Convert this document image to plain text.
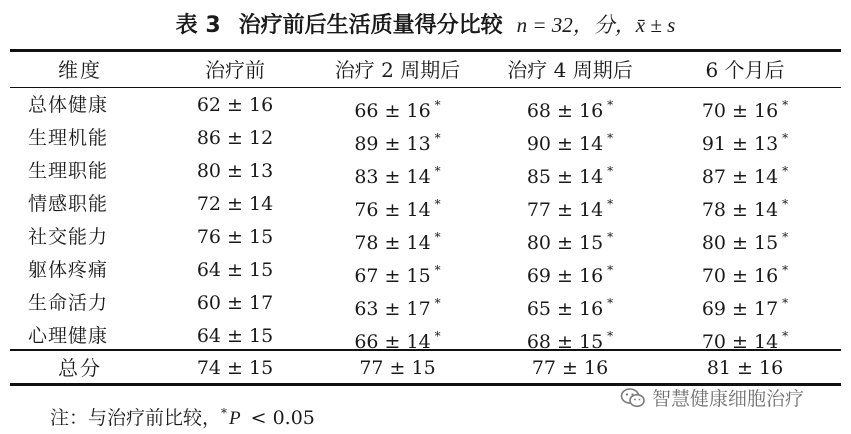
表 3 治疗前后生活质量得分比较 n = 32，分，x̄ ± s
维度	治疗前	治疗 2 周期后	治疗 4 周期后	6 个月后
总体健康	62 ± 16	66 ± 16 *	68 ± 16 *	70 ± 16 *
生理机能	86 ± 12	89 ± 13 *	90 ± 14 *	91 ± 13 *
生理职能	80 ± 13	83 ± 14 *	85 ± 14 *	87 ± 14 *
情感职能	72 ± 14	76 ± 14 *	77 ± 14 *	78 ± 14 *
社交能力	76 ± 15	78 ± 14 *	80 ± 15 *	80 ± 15 *
躯体疼痛	64 ± 15	67 ± 15 *	69 ± 16 *	70 ± 16 *
生命活力	60 ± 17	63 ± 17 *	65 ± 16 *	69 ± 17 *
心理健康	64 ± 15	66 ± 14 *	68 ± 15 *	70 ± 14 *
总分	74 ± 15	77 ± 15	77 ± 16	81 ± 16
注：与治疗前比较，* P < 0.05
智慧健康细胞治疗
